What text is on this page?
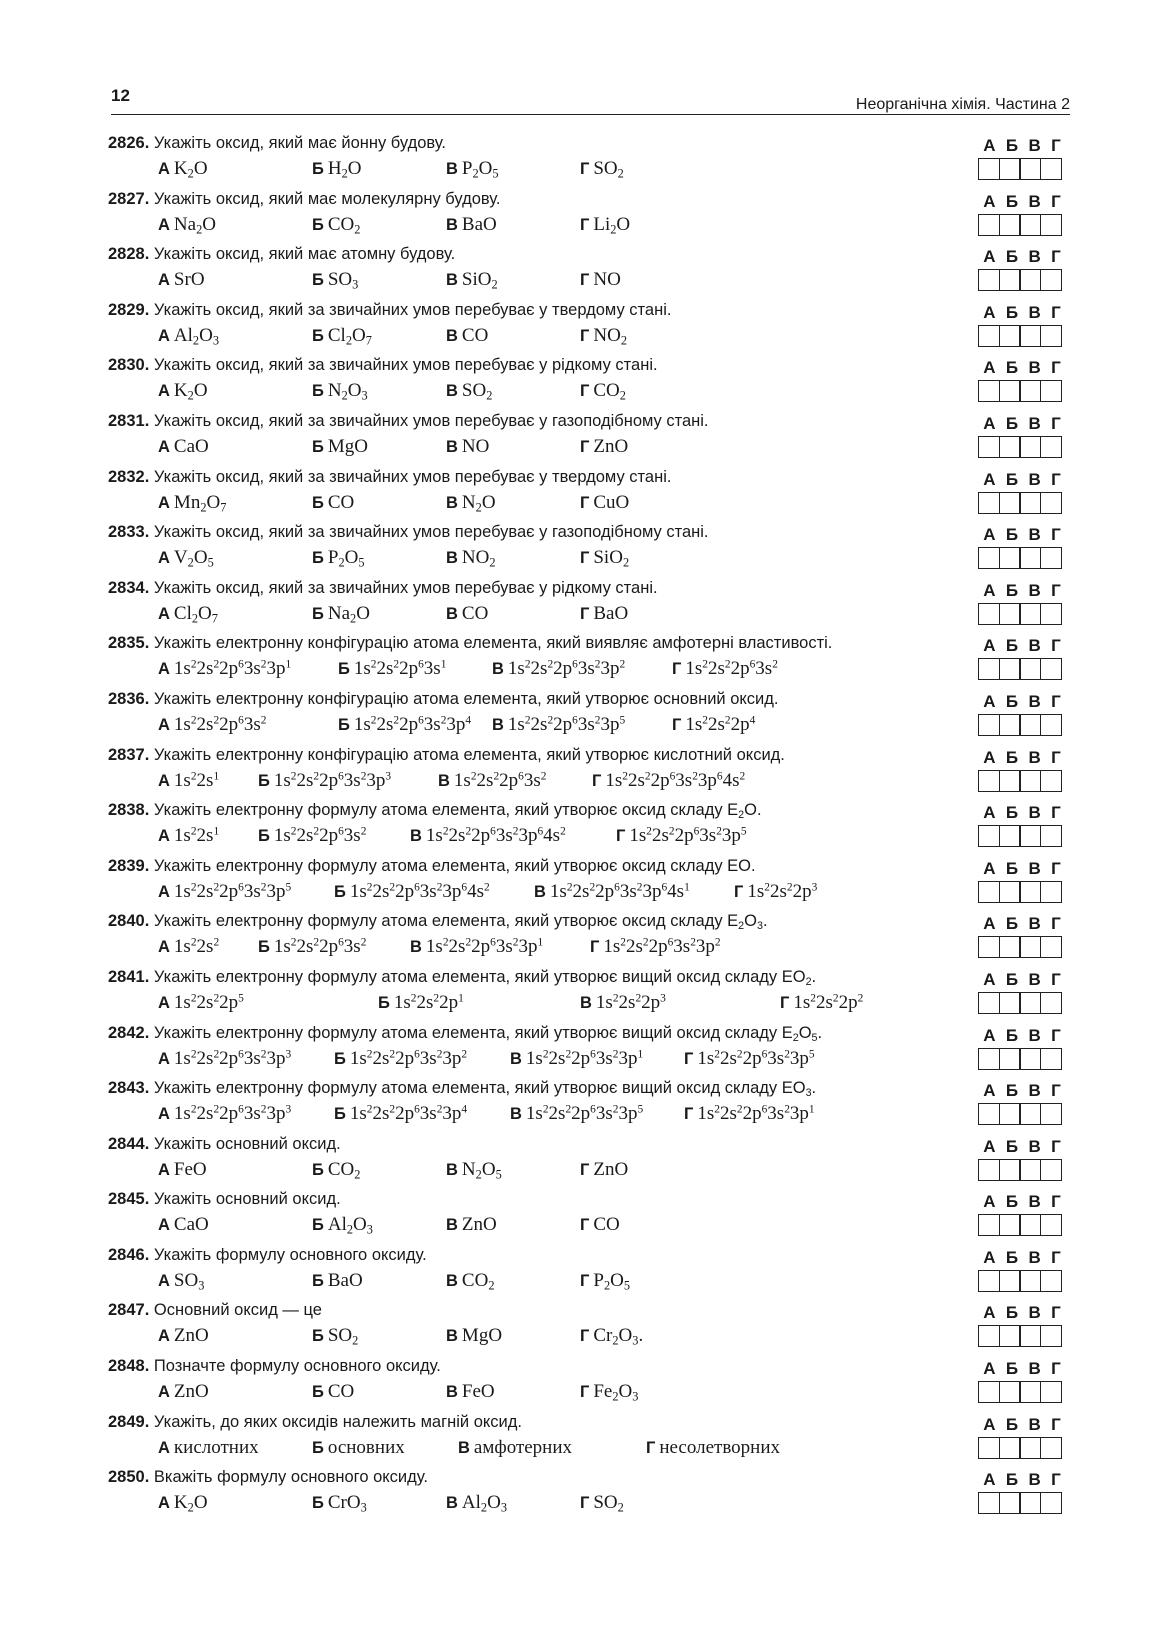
12	Неорганічна хімія. Частина 2
2826. Укажіть оксид, який має йонну будову.
А $K_2O$	Б $H_2O$	В $P_2O_5$	Г $SO_2$
А Б В Г
2827. Укажіть оксид, який має молекулярну будову.
А $Na_2O$	Б $CO_2$	В BaO	Г $Li_2O$
А Б В Г
2828. Укажіть оксид, який має атомну будову.
А SrO	Б $SO_3$	В SiO$_2$	Г NO
А Б В Г
2829. Укажіть оксид, який за звичайних умов перебуває у твердому стані.
А $Al_2O_3$	Б $Cl_2O_7$	В CO	Г $NO_2$
А Б В Г
2830. Укажіть оксид, який за звичайних умов перебуває у рідкому стані.
А $K_2O$	Б $N_2O_3$	В $SO_2$	Г $CO_2$
А Б В Г
2831. Укажіть оксид, який за звичайних умов перебуває у газоподібному стані.
А CaO	Б MgO	В NO	Г ZnO
А Б В Г
2832. Укажіть оксид, який за звичайних умов перебуває у твердому стані.
А $Mn_2O_7$	Б CO	В $N_2O$	Г CuO
А Б В Г
2833. Укажіть оксид, який за звичайних умов перебуває у газоподібному стані.
А $V_2O_5$	Б $P_2O_5$	В $NO_2$	Г SiO$_2$
А Б В Г
2834. Укажіть оксид, який за звичайних умов перебуває у рідкому стані.
А $Cl_2O_7$	Б $Na_2O$	В CO	Г BaO
А Б В Г
2835. Укажіть електронну конфігурацію атома елемента, який виявляє амфотерні властивості.
А $1s^22s^22p^63s^23p^1$	Б $1s^22s^22p^63s^1$	В $1s^22s^22p^63s^23p^2$	Г $1s^22s^22p^63s^2$
А Б В Г
2836. Укажіть електронну конфігурацію атома елемента, який утворює основний оксид.
А $1s^22s^22p^63s^2$	Б $1s^22s^22p^63s^23p^4$ В $1s^22s^22p^63s^23p^5$	Г $1s^22s^22p^4$
А Б В Г
2837. Укажіть електронну конфігурацію атома елемента, який утворює кислотний оксид.
А $1s^22s^1$ Б $1s^22s^22p^63s^23p^3$	В $1s^22s^22p^63s^2$	Г $1s^22s^22p^63s^23p^64s^2$
А Б В Г
2838. Укажіть електронну формулу атома елемента, який утворює оксид складу $Е_2О$.
А $1s^22s^1$ Б $1s^22s^22p^63s^2$	В $1s^22s^22p^63s^23p^64s^2$	Г $1s^22s^22p^63s^23p^5$
А Б В Г
2839. Укажіть електронну формулу атома елемента, який утворює оксид складу ЕО.
А $1s^22s^22p^63s^23p^5$	Б $1s^22s^22p^63s^23p^64s^2$	В $1s^22s^22p^63s^23p^64s^1$	Г $1s^22s^22p^3$
А Б В Г
2840. Укажіть електронну формулу атома елемента, який утворює оксид складу $Е_2О_3$.
А $1s^22s^2$ Б $1s^22s^22p^63s^2$	В $1s^22s^22p^63s^23p^1$	Г $1s^22s^22p^63s^23p^2$
А Б В Г
2841. Укажіть електронну формулу атома елемента, який утворює вищий оксид складу $ЕО_2$.
А $1s^22s^22p^5$	Б $1s^22s^22p^1$	В $1s^22s^22p^3$	Г $1s^22s^22p^2$
А Б В Г
2842. Укажіть електронну формулу атома елемента, який утворює вищий оксид складу $Е_2О_5$.
А $1s^22s^22p^63s^23p^3$	Б $1s^22s^22p^63s^23p^2$	В $1s^22s^22p^63s^23p^1$ Г $1s^22s^22p^63s^23p^5$
А Б В Г
2843. Укажіть електронну формулу атома елемента, який утворює вищий оксид складу $ЕО_3$.
А $1s^22s^22p^63s^23p^3$	Б $1s^22s^22p^63s^23p^4$	В $1s^22s^22p^63s^23p^5$ Г $1s^22s^22p^63s^23p^1$
А Б В Г
2844. Укажіть основний оксид.
А FeO	Б $CO_2$	В $N_2O_5$	Г ZnO
А Б В Г
2845. Укажіть основний оксид.
А CaO	Б $Al_2O_3$	В ZnO	Г CO
А Б В Г
2846. Укажіть формулу основного оксиду.
А $SO_3$	Б BaO	В $CO_2$	Г $P_2O_5$
А Б В Г
2847. Основний оксид — це
А ZnO	Б $SO_2$	В MgO	Г $Cr_2O_3$.
А Б В Г
2848. Позначте формулу основного оксиду.
А ZnO	Б CO	В FeO	Г $Fe_2O_3$
А Б В Г
2849. Укажіть, до яких оксидів належить магній оксид.
А кислотних	Б основних	В амфотерних	Г несолетворних
А Б В Г
2850. Вкажіть формулу основного оксиду.
А $K_2O$	Б CrO$_3$	В $Al_2O_3$	Г $SO_2$
А Б В Г
